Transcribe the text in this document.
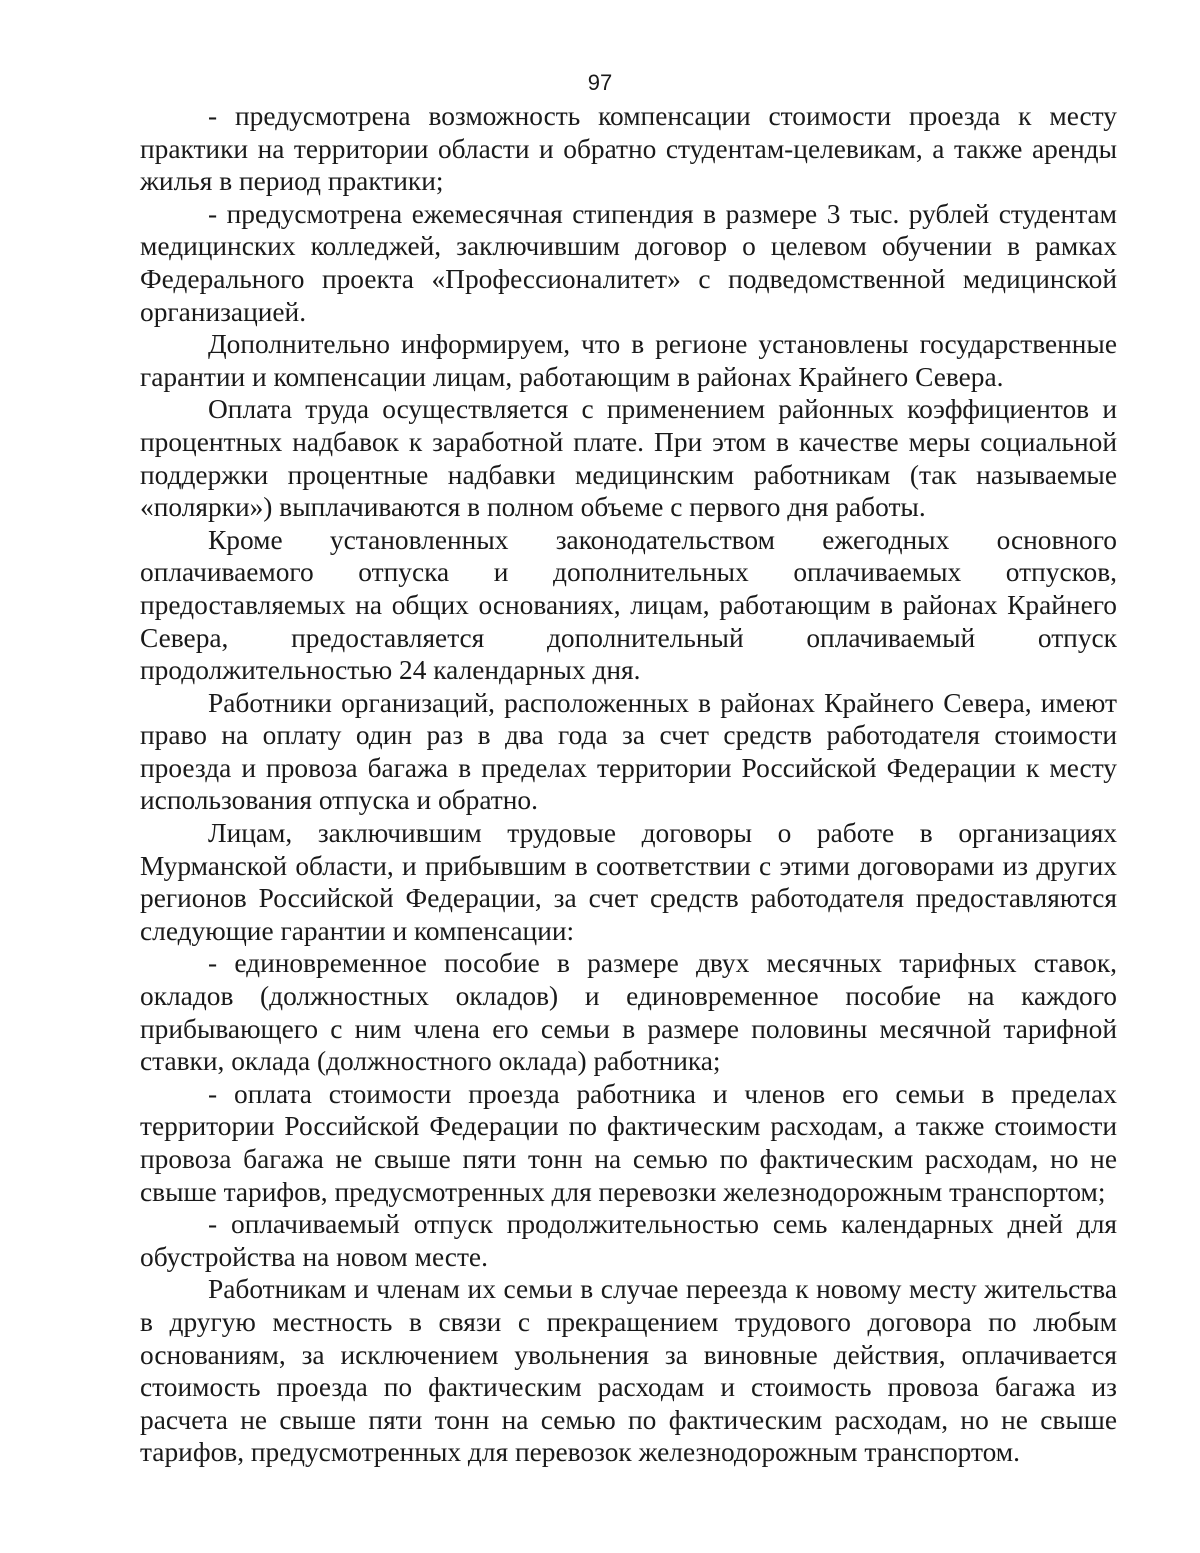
97

- предусмотрена возможность компенсации стоимости проезда к месту практики на территории области и обратно студентам-целевикам, а также аренды жилья в период практики;

- предусмотрена ежемесячная стипендия в размере 3 тыс. рублей студентам медицинских колледжей, заключившим договор о целевом обучении в рамках Федерального проекта «Профессионалитет» с подведомственной медицинской организацией.

Дополнительно информируем, что в регионе установлены государственные гарантии и компенсации лицам, работающим в районах Крайнего Севера.

Оплата труда осуществляется с применением районных коэффициентов и процентных надбавок к заработной плате. При этом в качестве меры социальной поддержки процентные надбавки медицинским работникам (так называемые «полярки») выплачиваются в полном объеме с первого дня работы.

Кроме установленных законодательством ежегодных основного оплачиваемого отпуска и дополнительных оплачиваемых отпусков, предоставляемых на общих основаниях, лицам, работающим в районах Крайнего Севера, предоставляется дополнительный оплачиваемый отпуск продолжительностью 24 календарных дня.

Работники организаций, расположенных в районах Крайнего Севера, имеют право на оплату один раз в два года за счет средств работодателя стоимости проезда и провоза багажа в пределах территории Российской Федерации к месту использования отпуска и обратно.

Лицам, заключившим трудовые договоры о работе в организациях Мурманской области, и прибывшим в соответствии с этими договорами из других регионов Российской Федерации, за счет средств работодателя предоставляются следующие гарантии и компенсации:

- единовременное пособие в размере двух месячных тарифных ставок, окладов (должностных окладов) и единовременное пособие на каждого прибывающего с ним члена его семьи в размере половины месячной тарифной ставки, оклада (должностного оклада) работника;

- оплата стоимости проезда работника и членов его семьи в пределах территории Российской Федерации по фактическим расходам, а также стоимости провоза багажа не свыше пяти тонн на семью по фактическим расходам, но не свыше тарифов, предусмотренных для перевозки железнодорожным транспортом;

- оплачиваемый отпуск продолжительностью семь календарных дней для обустройства на новом месте.

Работникам и членам их семьи в случае переезда к новому месту жительства в другую местность в связи с прекращением трудового договора по любым основаниям, за исключением увольнения за виновные действия, оплачивается стоимость проезда по фактическим расходам и стоимость провоза багажа из расчета не свыше пяти тонн на семью по фактическим расходам, но не свыше тарифов, предусмотренных для перевозок железнодорожным транспортом.
